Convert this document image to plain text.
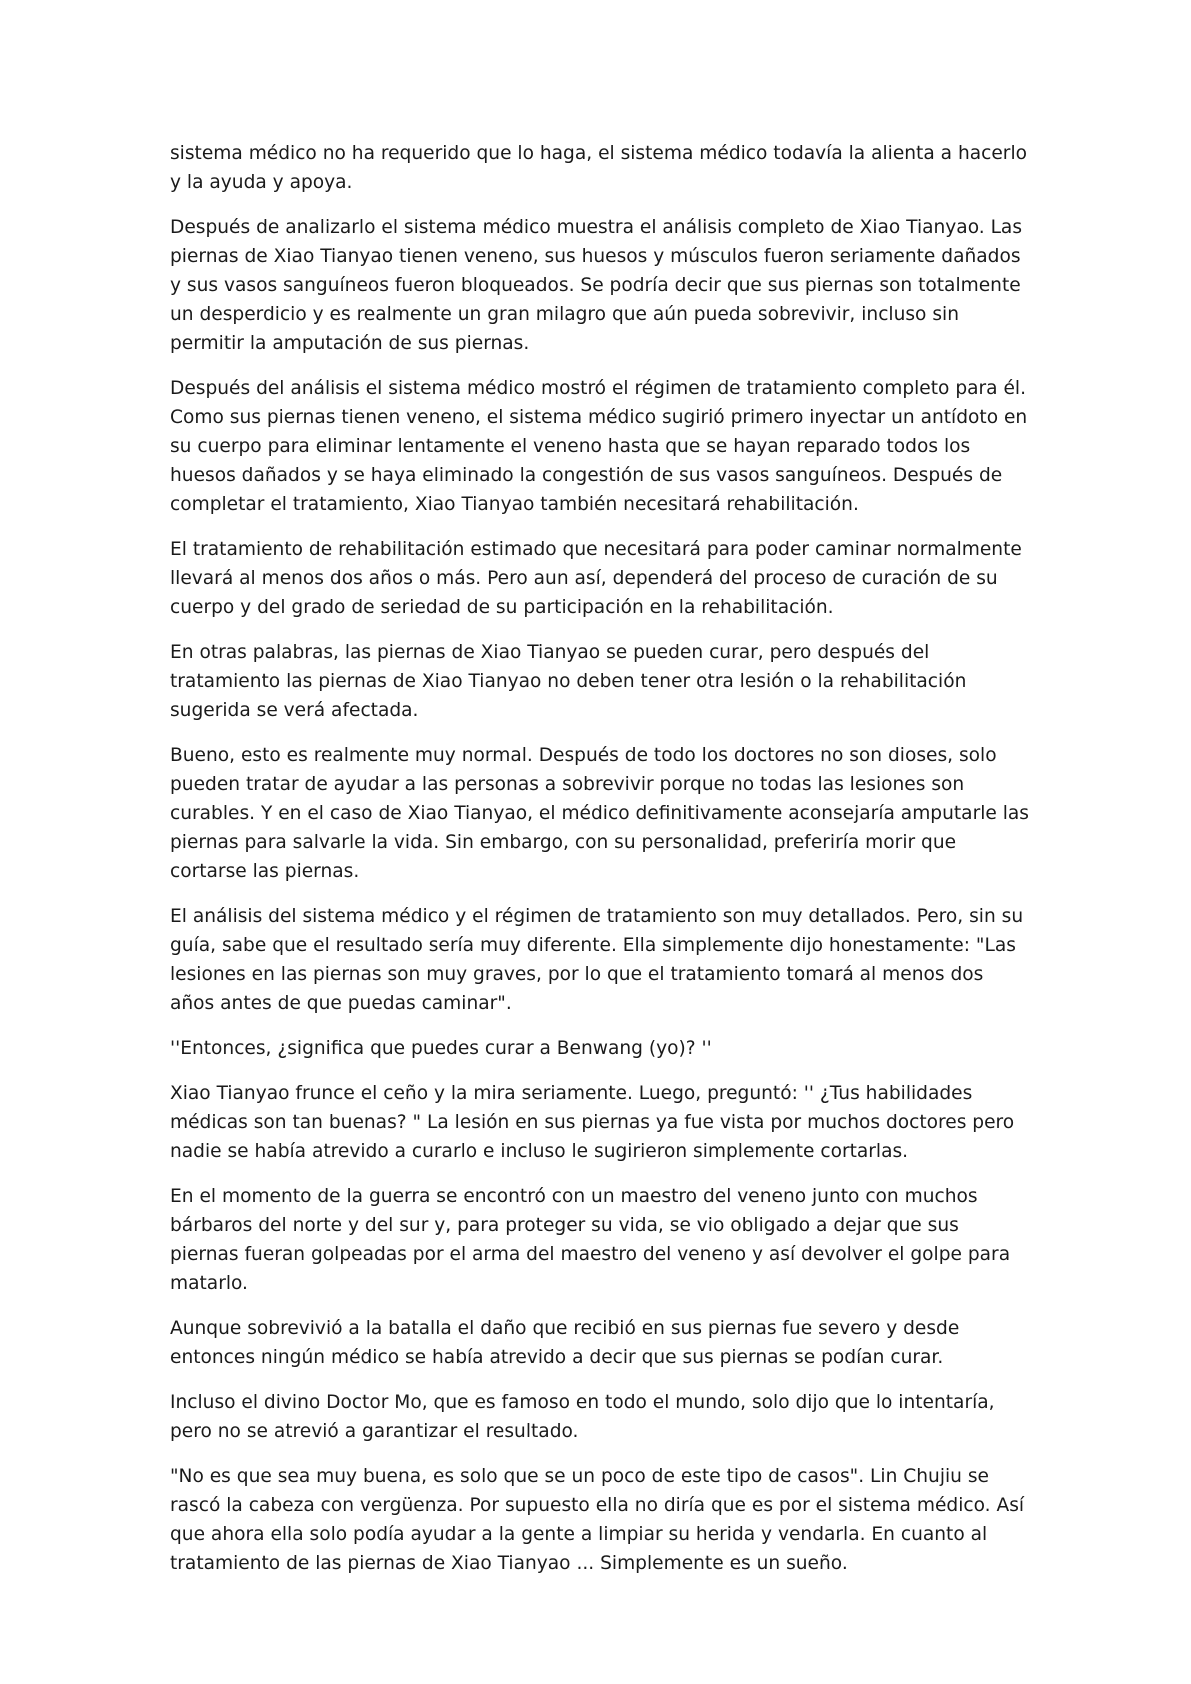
sistema médico no ha requerido que lo haga, el sistema médico todavía la alienta a hacerlo y la ayuda y apoya.

Después de analizarlo el sistema médico muestra el análisis completo de Xiao Tianyao. Las piernas de Xiao Tianyao tienen veneno, sus huesos y músculos fueron seriamente dañados y sus vasos sanguíneos fueron bloqueados. Se podría decir que sus piernas son totalmente un desperdicio y es realmente un gran milagro que aún pueda sobrevivir, incluso sin permitir la amputación de sus piernas.

Después del análisis el sistema médico mostró el régimen de tratamiento completo para él. Como sus piernas tienen veneno, el sistema médico sugirió primero inyectar un antídoto en su cuerpo para eliminar lentamente el veneno hasta que se hayan reparado todos los huesos dañados y se haya eliminado la congestión de sus vasos sanguíneos. Después de completar el tratamiento, Xiao Tianyao también necesitará rehabilitación.

El tratamiento de rehabilitación estimado que necesitará para poder caminar normalmente llevará al menos dos años o más. Pero aun así, dependerá del proceso de curación de su cuerpo y del grado de seriedad de su participación en la rehabilitación.

En otras palabras, las piernas de Xiao Tianyao se pueden curar, pero después del tratamiento las piernas de Xiao Tianyao no deben tener otra lesión o la rehabilitación sugerida se verá afectada.

Bueno, esto es realmente muy normal. Después de todo los doctores no son dioses, solo pueden tratar de ayudar a las personas a sobrevivir porque no todas las lesiones son curables. Y en el caso de Xiao Tianyao, el médico definitivamente aconsejaría amputarle las piernas para salvarle la vida. Sin embargo, con su personalidad, preferiría morir que cortarse las piernas.

El análisis del sistema médico y el régimen de tratamiento son muy detallados. Pero, sin su guía, sabe que el resultado sería muy diferente. Ella simplemente dijo honestamente: "Las lesiones en las piernas son muy graves, por lo que el tratamiento tomará al menos dos años antes de que puedas caminar".

''Entonces, ¿significa que puedes curar a Benwang (yo)? ''

Xiao Tianyao frunce el ceño y la mira seriamente. Luego, preguntó: '' ¿Tus habilidades médicas son tan buenas? " La lesión en sus piernas ya fue vista por muchos doctores pero nadie se había atrevido a curarlo e incluso le sugirieron simplemente cortarlas.

En el momento de la guerra se encontró con un maestro del veneno junto con muchos bárbaros del norte y del sur y, para proteger su vida, se vio obligado a dejar que sus piernas fueran golpeadas por el arma del maestro del veneno y así devolver el golpe para matarlo.

Aunque sobrevivió a la batalla el daño que recibió en sus piernas fue severo y desde entonces ningún médico se había atrevido a decir que sus piernas se podían curar.

Incluso el divino Doctor Mo, que es famoso en todo el mundo, solo dijo que lo intentaría, pero no se atrevió a garantizar el resultado.

"No es que sea muy buena, es solo que se un poco de este tipo de casos". Lin Chujiu se rascó la cabeza con vergüenza. Por supuesto ella no diría que es por el sistema médico. Así que ahora ella solo podía ayudar a la gente a limpiar su herida y vendarla. En cuanto al tratamiento de las piernas de Xiao Tianyao ... Simplemente es un sueño.
